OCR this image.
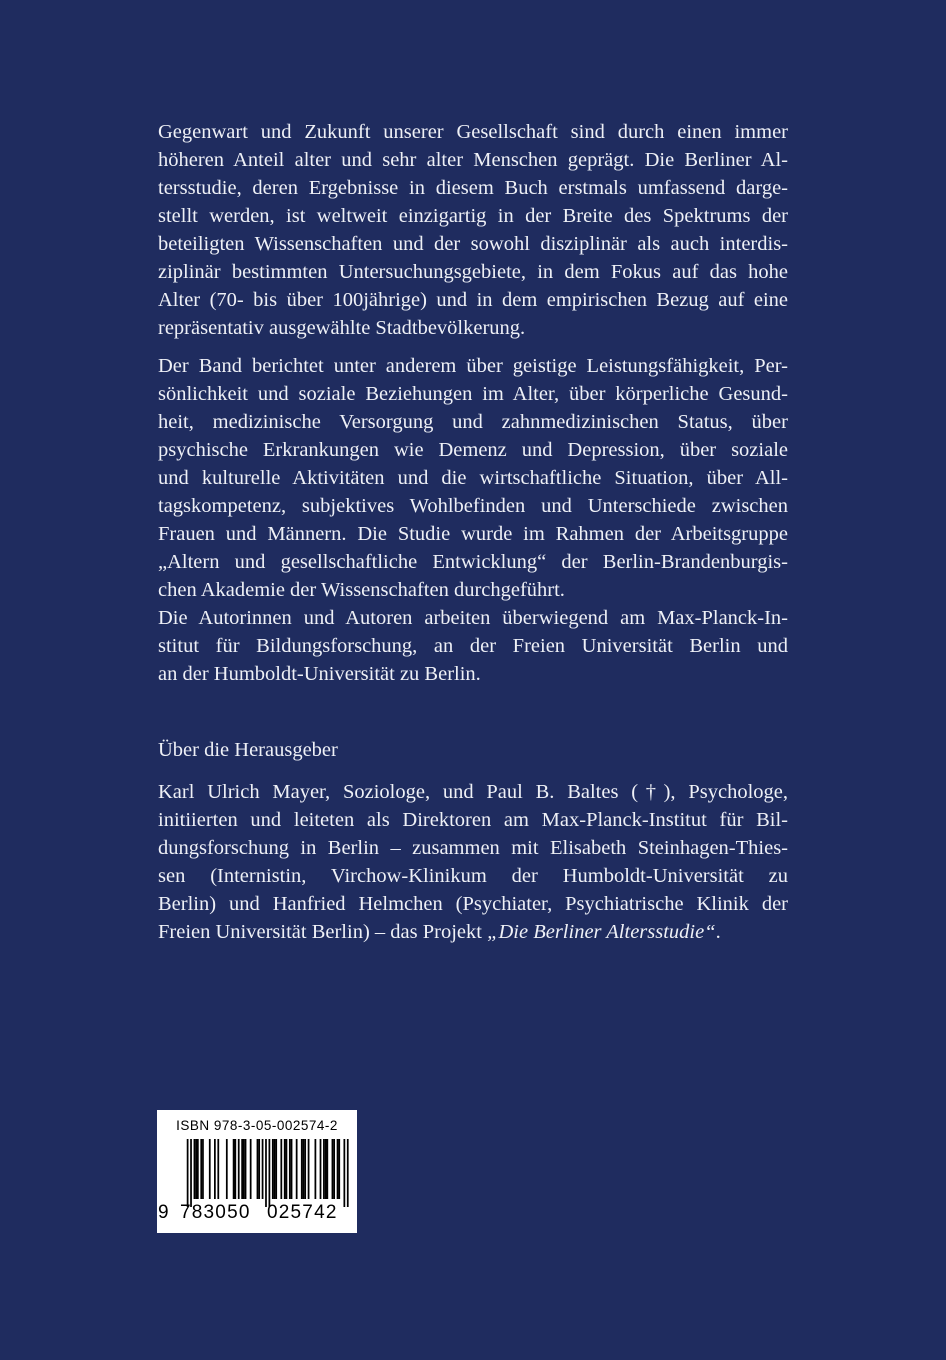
Gegenwart und Zukunft unserer Gesellschaft sind durch einen immer
höheren Anteil alter und sehr alter Menschen geprägt. Die Berliner Al-
tersstudie, deren Ergebnisse in diesem Buch erstmals umfassend darge-
stellt werden, ist weltweit einzigartig in der Breite des Spektrums der
beteiligten Wissenschaften und der sowohl disziplinär als auch interdis-
ziplinär bestimmten Untersuchungsgebiete, in dem Fokus auf das hohe
Alter (70- bis über 100jährige) und in dem empirischen Bezug auf eine
repräsentativ ausgewählte Stadtbevölkerung.
Der Band berichtet unter anderem über geistige Leistungsfähigkeit, Per-
sönlichkeit und soziale Beziehungen im Alter, über körperliche Gesund-
heit, medizinische Versorgung und zahnmedizinischen Status, über
psychische Erkrankungen wie Demenz und Depression, über soziale
und kulturelle Aktivitäten und die wirtschaftliche Situation, über All-
tagskompetenz, subjektives Wohlbefinden und Unterschiede zwischen
Frauen und Männern. Die Studie wurde im Rahmen der Arbeitsgruppe
„Altern und gesellschaftliche Entwicklung“ der Berlin-Brandenburgis-
chen Akademie der Wissenschaften durchgeführt.
Die Autorinnen und Autoren arbeiten überwiegend am Max-Planck-In-
stitut für Bildungsforschung, an der Freien Universität Berlin und
an der Humboldt-Universität zu Berlin.
Über die Herausgeber
Karl Ulrich Mayer, Soziologe, und Paul B. Baltes (†), Psychologe,
initiierten und leiteten als Direktoren am Max-Planck-Institut für Bil-
dungsforschung in Berlin – zusammen mit Elisabeth Steinhagen-Thies-
sen (Internistin, Virchow-Klinikum der Humboldt-Universität zu
Berlin) und Hanfried Helmchen (Psychiater, Psychiatrische Klinik der
Freien Universität Berlin) – das Projekt „Die Berliner Altersstudie“.
ISBN 978-3-05-002574-2
9 783050 025742
